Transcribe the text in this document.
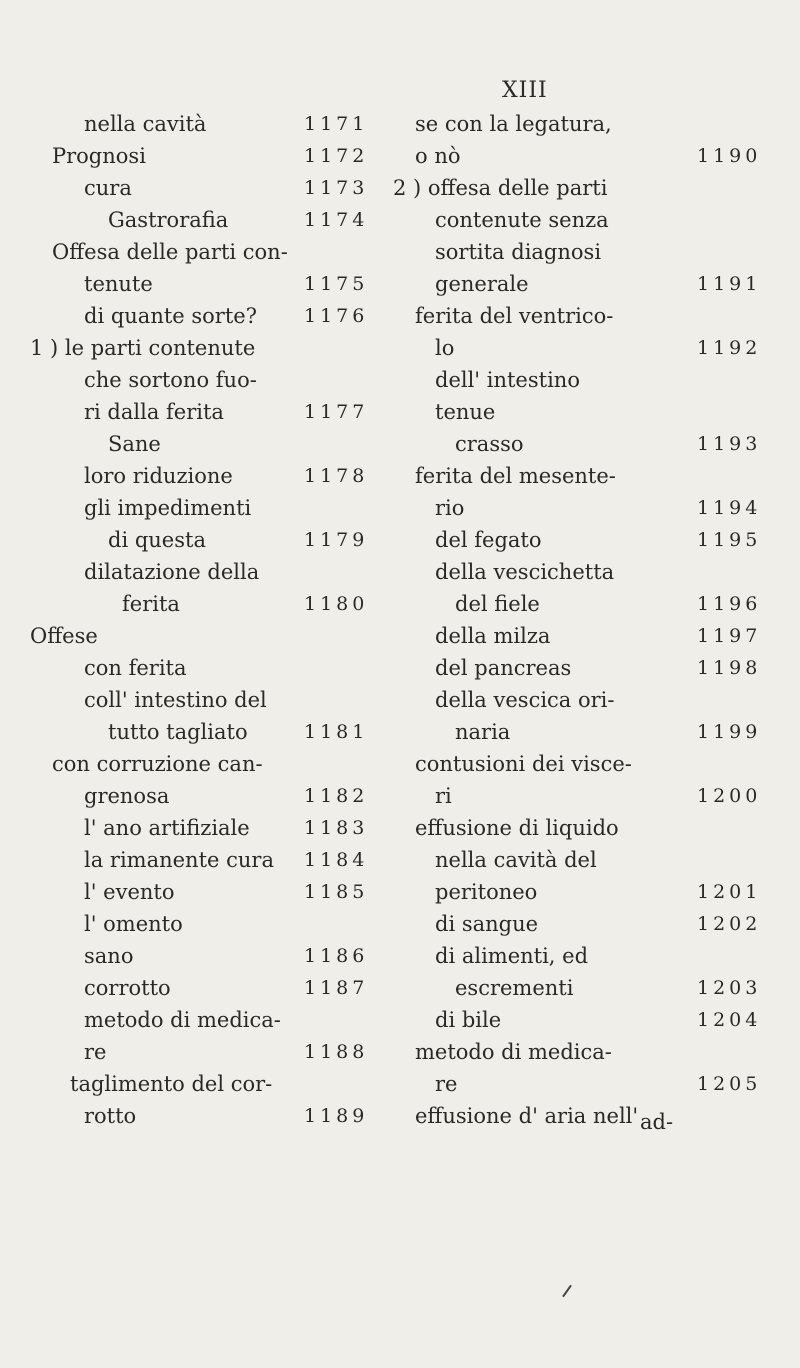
XIII
nella cavità	1171
Prognosi	1172
cura	1173
Gastrorafia	1174
Offesa delle parti con-
tenute	1175
di quante sorte? 1176
1 ) le parti contenute
che sortono fuo-
ri dalla ferita	1177
Sane
loro riduzione	1178
gli impedimenti
di questa	1179
dilatazione della
ferita	1180
Offese
con ferita
coll' intestino del
tutto tagliato	1181
con corruzione can-
grenosa	1182
l' ano artifiziale	1183
la rimanente cura 1184
l' evento	1185
l' omento
sano	1186
corrotto	1187
metodo di medica-
re	1188
taglimento del cor-
rotto	1189
se con la legatura,
o nò	1190
2 ) offesa delle parti
contenute senza
sortita diagnosi
generale	1191
ferita del ventrico-
lo	1192
dell' intestino
tenue
crasso	1193
ferita del mesente-
rio	1194
del fegato	1195
della vescichetta
del fiele	1196
della milza	1197
del pancreas	1198
della vescica ori-
naria	1199
contusioni dei visce-
ri	1200
effusione di liquido
nella cavità del
peritoneo	1201
di sangue	1202
di alimenti, ed
escrementi	1203
di bile	1204
metodo di medica-
re	1205
effusione d' aria nell' ad-
